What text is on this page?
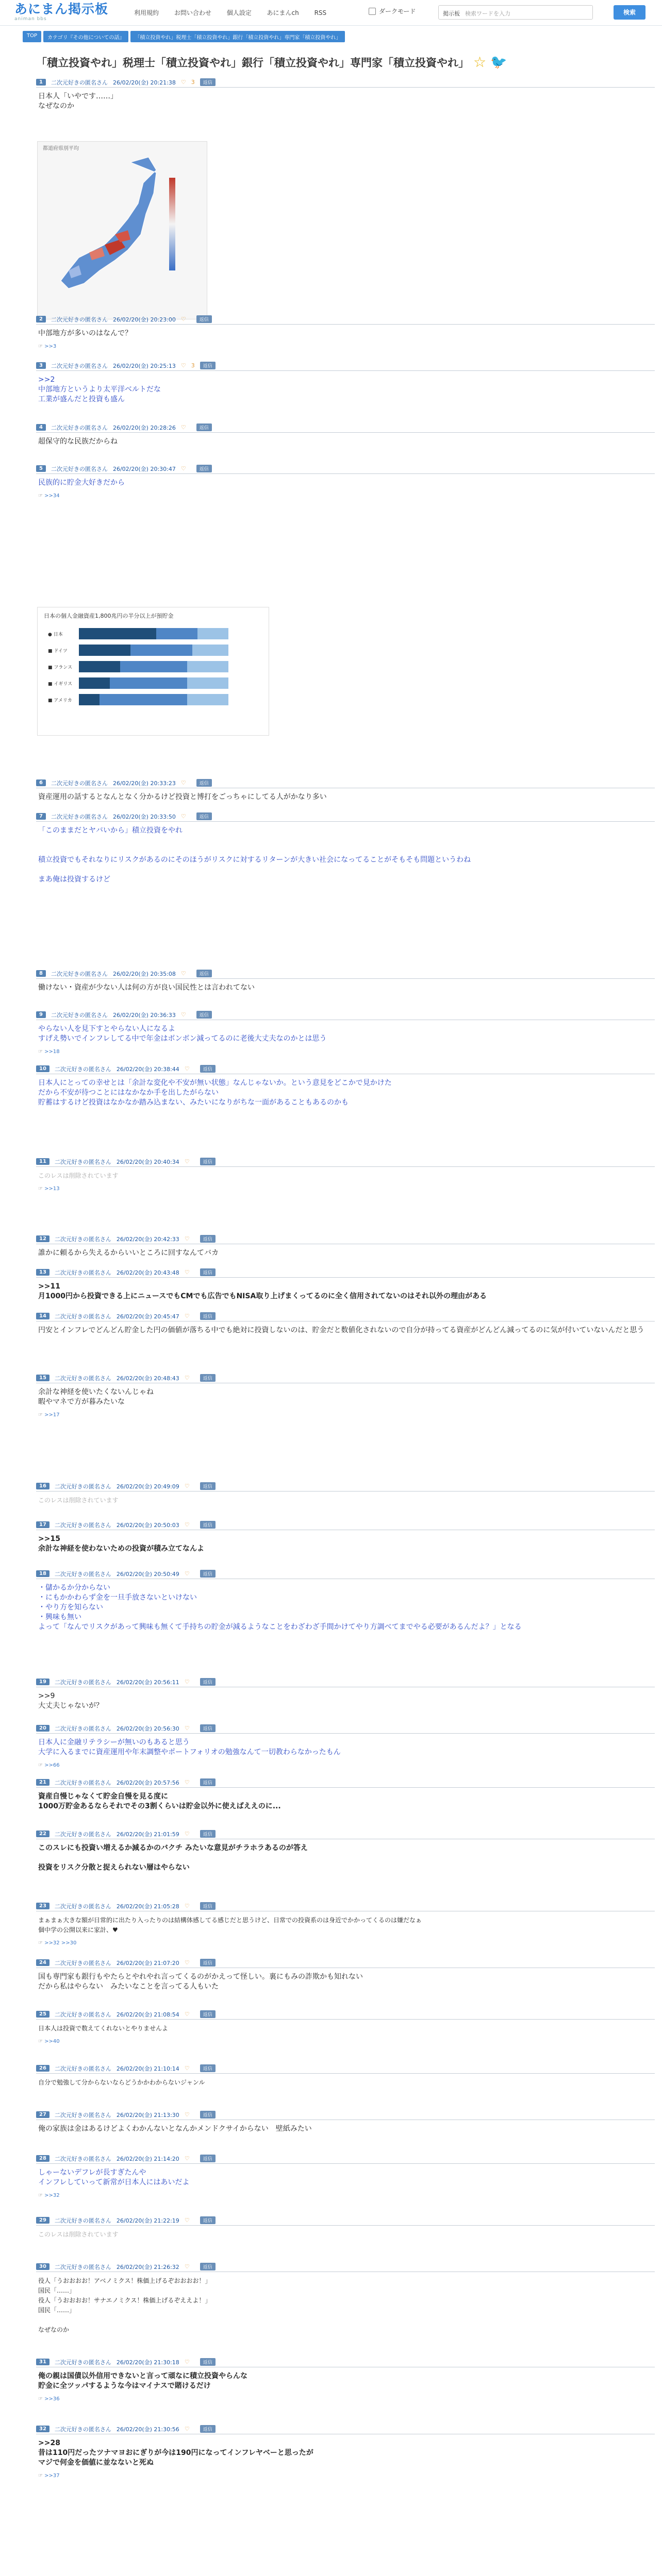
あにまん掲示板
animan bbs
利用規約 お問い合わせ 個人設定 あにまんch RSS	ダークモード	掲示板 検索ワードを入力	検索
TOP	カテゴリ『その他についての話』	「積立投資やれ」税理士「積立投資やれ」銀行「積立投資やれ」専門家「積立投資やれ」
「積立投資やれ」税理士「積立投資やれ」銀行「積立投資やれ」専門家「積立投資やれ」 ☆ 🐦
都道府県別平均
日本の個人金融資産1,800兆円の半分以上が預貯金
● 日本
■ ドイツ
■ フランス
■ イギリス
■ アメリカ
1	二次元好きの匿名さん 26/02/20(金) 20:21:38 ♡ 3	返信
日本人「いやです……」
なぜなのか
2	二次元好きの匿名さん 26/02/20(金) 20:23:00 ♡	返信
中部地方が多いのはなんで？
☞ >>3
3	二次元好きの匿名さん 26/02/20(金) 20:25:13 ♡ 3	返信
>>2
中部地方というより太平洋ベルトだな
工業が盛んだと投資も盛ん
4	二次元好きの匿名さん 26/02/20(金) 20:28:26 ♡	返信
超保守的な民族だからね
5	二次元好きの匿名さん 26/02/20(金) 20:30:47 ♡	返信
民族的に貯金大好きだから
☞ >>34
6	二次元好きの匿名さん 26/02/20(金) 20:33:23 ♡	返信
資産運用の話するとなんとなく分かるけど投資と博打をごっちゃにしてる人がかなり多い
7	二次元好きの匿名さん 26/02/20(金) 20:33:50 ♡	返信
「このままだとヤバいから」積立投資をやれ

積立投資でもそれなりにリスクがあるのにそのほうがリスクに対するリターンが大きい社会になってることがそもそも問題というわね

まあ俺は投資するけど
8	二次元好きの匿名さん 26/02/20(金) 20:35:08 ♡	返信
働けない・資産が少ない人は何の方が良い国民性とは言われてない
9	二次元好きの匿名さん 26/02/20(金) 20:36:33 ♡	返信
やらない人を見下すとやらない人になるよ
すげえ勢いでインフレしてる中で年金はボンボン減ってるのに老後大丈夫なのかとは思う
☞ >>18
10	二次元好きの匿名さん 26/02/20(金) 20:38:44 ♡	返信
日本人にとっての幸せとは「余計な変化や不安が無い状態」なんじゃないか。という意見をどこかで見かけた
だから不安が待つことにはなかなか手を出したがらない
貯蓄はするけど投資はなかなか踏み込まない、みたいになりがちな一面があることもあるのかも
11	二次元好きの匿名さん 26/02/20(金) 20:40:34 ♡	返信
このレスは削除されています
☞ >>13
12	二次元好きの匿名さん 26/02/20(金) 20:42:33 ♡	返信
誰かに頼るから失えるからいいところに回すなんてバカ
13	二次元好きの匿名さん 26/02/20(金) 20:43:48 ♡	返信
>>11
月1000円から投資できる上にニュースでもCMでも広告でもNISA取り上げまくってるのに全く信用されてないのはそれ以外の理由がある
14	二次元好きの匿名さん 26/02/20(金) 20:45:47 ♡	返信
円安とインフレでどんどん貯金した円の価値が落ちる中でも絶対に投資しないのは、貯金だと数値化されないので自分が持ってる資産がどんどん減ってるのに気が付いていないんだと思う
15	二次元好きの匿名さん 26/02/20(金) 20:48:43 ♡	返信
余計な神経を使いたくないんじゃね
暇やマネで方が暮みたいな
☞ >>17
16	二次元好きの匿名さん 26/02/20(金) 20:49:09 ♡	返信
このレスは削除されています
17	二次元好きの匿名さん 26/02/20(金) 20:50:03 ♡	返信
>>15
余計な神経を使わないための投資が積み立てなんよ
18	二次元好きの匿名さん 26/02/20(金) 20:50:49 ♡	返信
・儲かるか分からない
・にもかかわらず金を一旦手放さないといけない
・やり方を知らない
・興味も無い
よって「なんでリスクがあって興味も無くて手持ちの貯金が減るようなことをわざわざ手間かけてやり方調べてまでやる必要があるんだよ？」となる
19	二次元好きの匿名さん 26/02/20(金) 20:56:11 ♡	返信
>>9
大丈夫じゃないが？
20	二次元好きの匿名さん 26/02/20(金) 20:56:30 ♡	返信
日本人に金融リテラシーが無いのもあると思う
大学に入るまでに資産運用や年末調整やポートフォリオの勉強なんて一切教わらなかったもん
☞ >>66
21	二次元好きの匿名さん 26/02/20(金) 20:57:56 ♡	返信
資産自慢じゃなくて貯金自慢を見る度に
1000万貯金あるならそれでその3割くらいは貯金以外に使えばええのに...
22	二次元好きの匿名さん 26/02/20(金) 21:01:59 ♡	返信
このスレにも投資い増えるか減るかのバクチ みたいな意見がチラホラあるのが答え

投資をリスク分散と捉えられない層はやらない
23	二次元好きの匿名さん 26/02/20(金) 21:05:28 ♡	返信
まぁまぁ大きな額が日常的に出たり入ったりのは結構体感してる感じだと思うけど、日常での投資系のは身近でかかってくるのは嫌だなぁ
個中学の公開以来に家計、♥
☞ >>32 >>30
24	二次元好きの匿名さん 26/02/20(金) 21:07:20 ♡	返信
国も専門家も銀行もやたらとやれやれ言ってくるのがかえって怪しい。裏にもみの詐欺かも知れない
だから私はやらない　みたいなことを言ってる人もいた
25	二次元好きの匿名さん 26/02/20(金) 21:08:54 ♡	返信
日本人は投資で数えてくれないとやりませんよ
☞ >>40
26	二次元好きの匿名さん 26/02/20(金) 21:10:14 ♡	返信
自分で勉強して分からないならどうかかわからないジャンル
27	二次元好きの匿名さん 26/02/20(金) 21:13:30 ♡	返信
俺の家族は金はあるけどよくわかんないとなんかメンドクサイからない　壁紙みたい
28	二次元好きの匿名さん 26/02/20(金) 21:14:20 ♡	返信
しゃーないデフレが長すぎたんや
インフレしていって新常が日本人にはあいだよ
☞ >>32
29	二次元好きの匿名さん 26/02/20(金) 21:22:19 ♡	返信
このレスは削除されています
30	二次元好きの匿名さん 26/02/20(金) 21:26:32 ♡	返信
役人「うおおおお！アベノミクス！株価上げるぞおおおお！」
国民「……」
役人「うおおおお！サナエノミクス！株価上げるぞええよ！」
国民「……」

なぜなのか
31	二次元好きの匿名さん 26/02/20(金) 21:30:18 ♡	返信
俺の親は国債以外信用できないと言って頑なに積立投資やらんな
貯金に全ツッパするような今はマイナスで賭けるだけ
☞ >>36
32	二次元好きの匿名さん 26/02/20(金) 21:30:56 ♡	返信
>>28
昔は110円だったツナマヨおにぎりが今は190円になってインフレヤベーと思ったが
マジで何金を価値に並なないと死ぬ
☞ >>37
